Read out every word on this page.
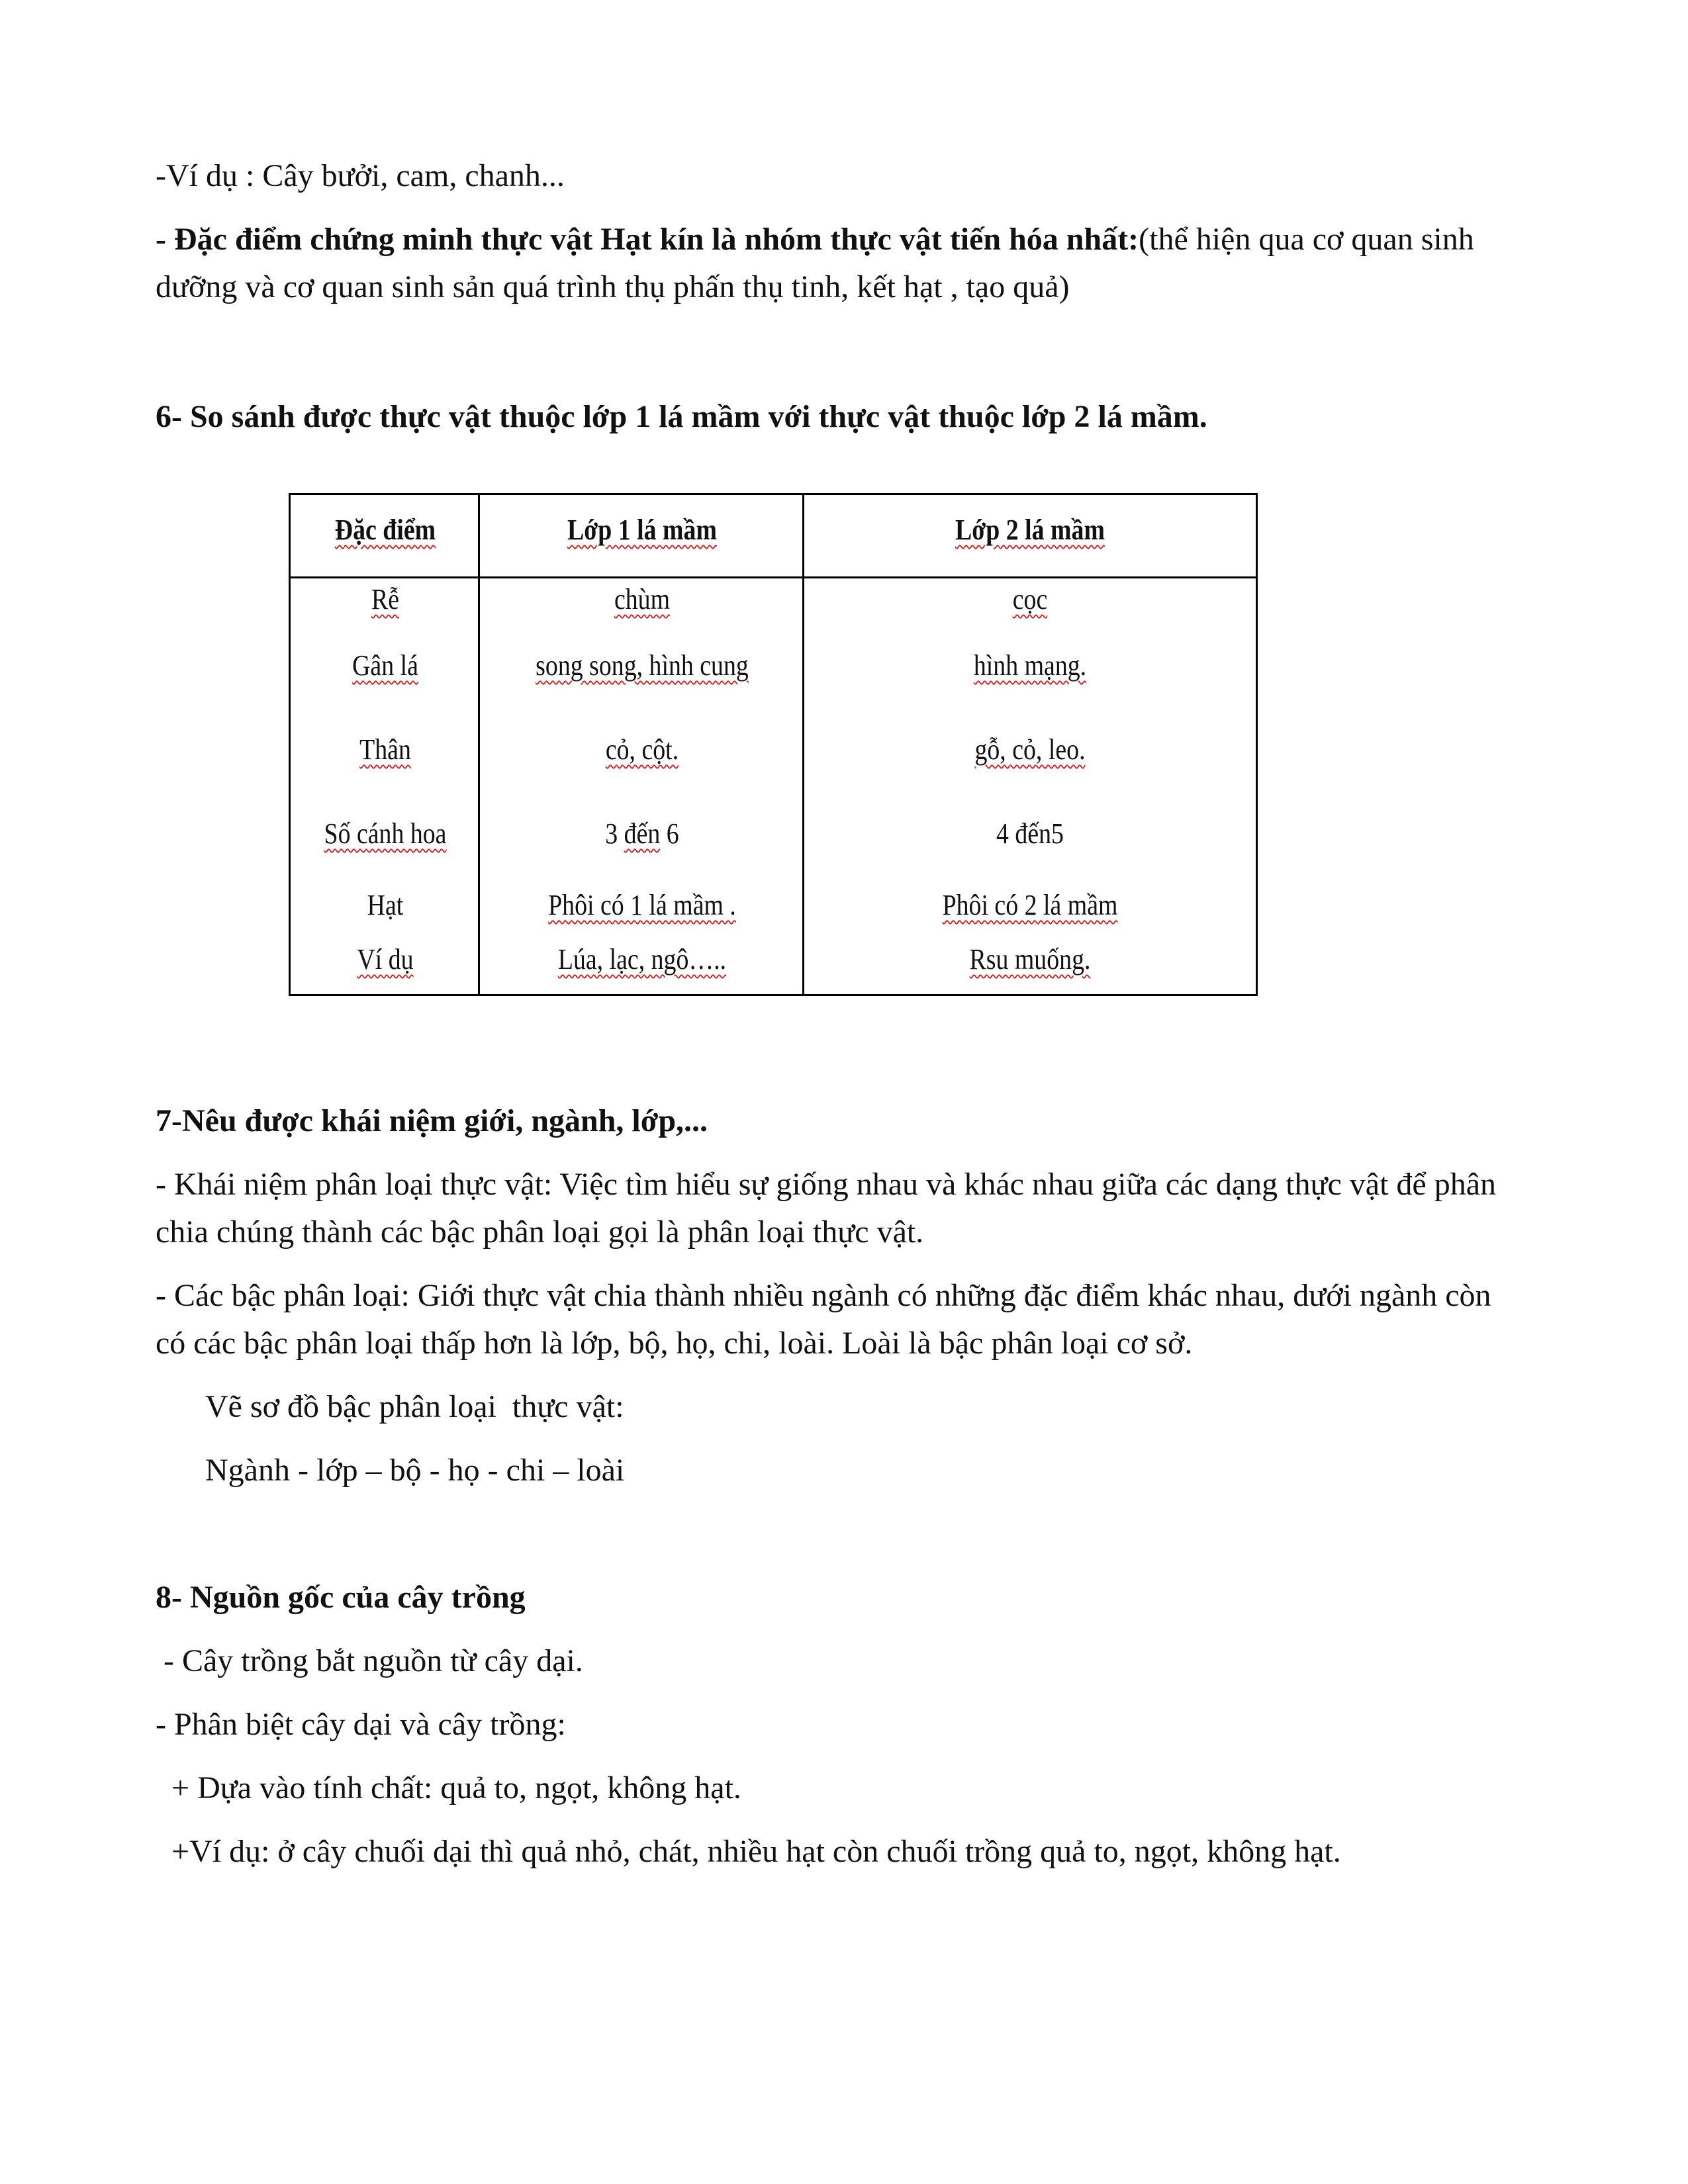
-Ví dụ : Cây bưởi, cam, chanh...

- Đặc điểm chứng minh thực vật Hạt kín là nhóm thực vật tiến hóa nhất:(thể hiện qua cơ quan sinh dưỡng và cơ quan sinh sản quá trình thụ phấn thụ tinh, kết hạt , tạo quả)

6- So sánh được thực vật thuộc lớp 1 lá mầm với thực vật thuộc lớp 2 lá mầm.

Đặc điểm	Lớp 1 lá mầm	Lớp 2 lá mầm
Rễ	chùm	cọc
Gân lá	song song, hình cung	hình mạng.
Thân	cỏ, cột.	gỗ, cỏ, leo.
Số cánh hoa	3 đến 6	4 đến5
Hạt	Phôi có 1 lá mầm .	Phôi có 2 lá mầm
Ví dụ	Lúa, lạc, ngô…..	Rsu muống.

7-Nêu được khái niệm giới, ngành, lớp,...

- Khái niệm phân loại thực vật: Việc tìm hiểu sự giống nhau và khác nhau giữa các dạng thực vật để phân chia chúng thành các bậc phân loại gọi là phân loại thực vật.

- Các bậc phân loại: Giới thực vật chia thành nhiều ngành có những đặc điểm khác nhau, dưới ngành còn có các bậc phân loại thấp hơn là lớp, bộ, họ, chi, loài. Loài là bậc phân loại cơ sở.

Vẽ sơ đồ bậc phân loại  thực vật:

Ngành - lớp – bộ - họ - chi – loài

8- Nguồn gốc của cây trồng

- Cây trồng bắt nguồn từ cây dại.

- Phân biệt cây dại và cây trồng:

+ Dựa vào tính chất: quả to, ngọt, không hạt.

+Ví dụ: ở cây chuối dại thì quả nhỏ, chát, nhiều hạt còn chuối trồng quả to, ngọt, không hạt.
